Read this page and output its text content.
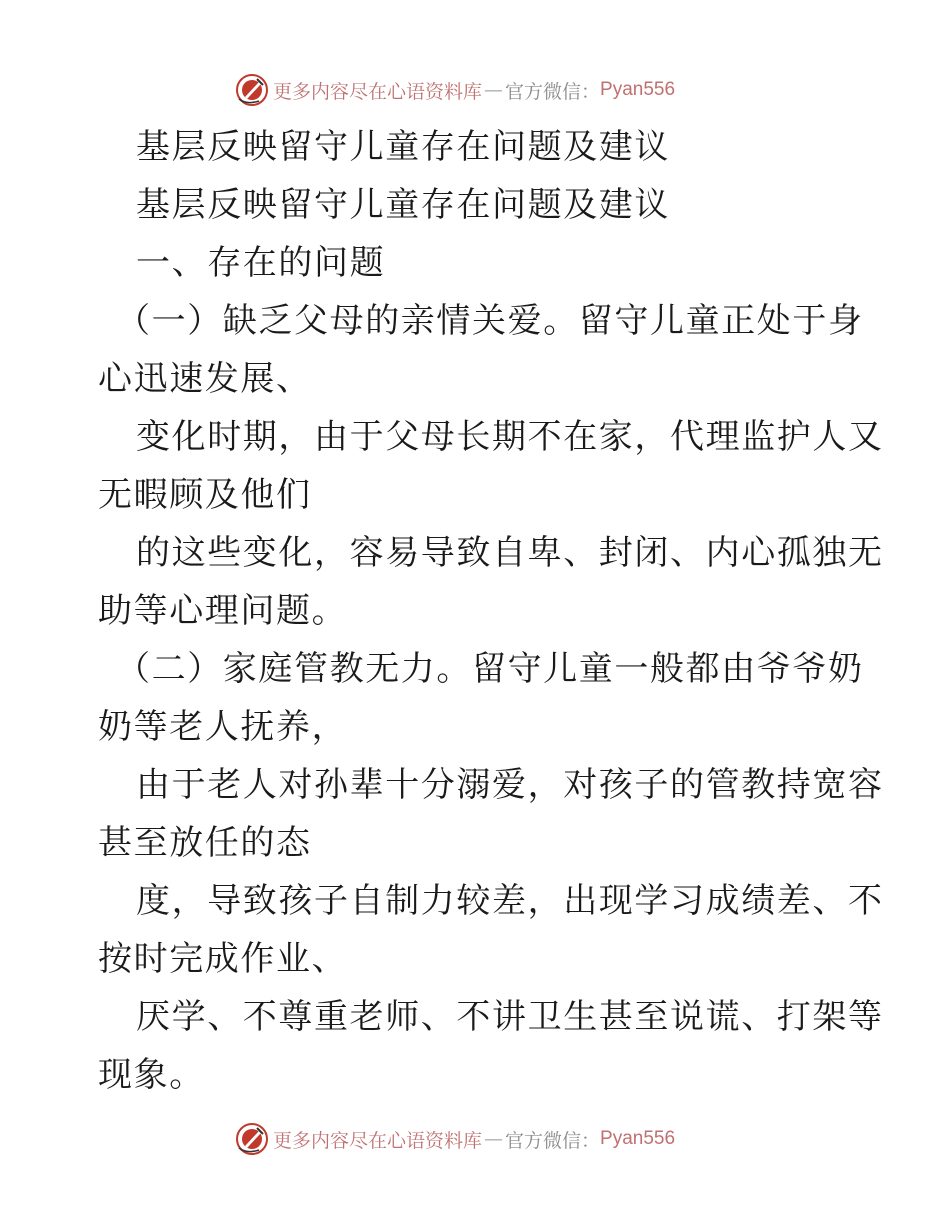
更多内容尽在心语资料库 — 官方微信： Pyan556
基层反映留守儿童存在问题及建议
基层反映留守儿童存在问题及建议
一、存在的问题
（一）缺乏父母的亲情关爱。留守儿童正处于身
心迅速发展、
变化时期，由于父母长期不在家，代理监护人又
无暇顾及他们
的这些变化，容易导致自卑、封闭、内心孤独无
助等心理问题。
（二）家庭管教无力。留守儿童一般都由爷爷奶
奶等老人抚养，
由于老人对孙辈十分溺爱，对孩子的管教持宽容
甚至放任的态
度，导致孩子自制力较差，出现学习成绩差、不
按时完成作业、
厌学、不尊重老师、不讲卫生甚至说谎、打架等
现象。
更多内容尽在心语资料库 — 官方微信： Pyan556
